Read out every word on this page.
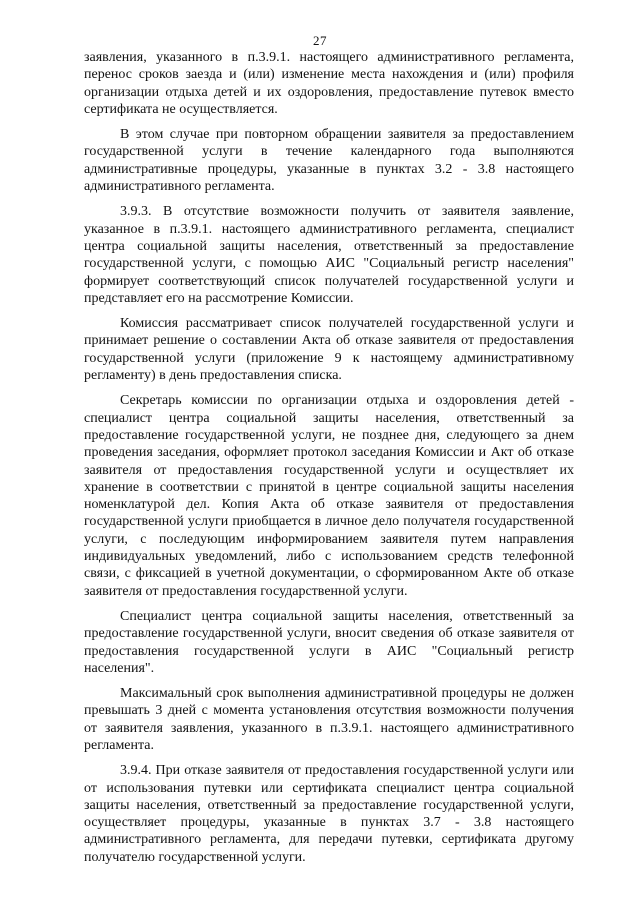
27

заявления, указанного в п.3.9.1. настоящего административного регламента, перенос сроков заезда и (или) изменение места нахождения и (или) профиля организации отдыха детей и их оздоровления, предоставление путевок вместо сертификата не осуществляется.

В этом случае при повторном обращении заявителя за предоставлением государственной услуги в течение календарного года выполняются административные процедуры, указанные в пунктах 3.2 - 3.8 настоящего административного регламента.

3.9.3. В отсутствие возможности получить от заявителя заявление, указанное в п.3.9.1. настоящего административного регламента, специалист центра социальной защиты населения, ответственный за предоставление государственной услуги, с помощью АИС "Социальный регистр населения" формирует соответствующий список получателей государственной услуги и представляет его на рассмотрение Комиссии.

Комиссия рассматривает список получателей государственной услуги и принимает решение о составлении Акта об отказе заявителя от предоставления государственной услуги (приложение 9 к настоящему административному регламенту) в день предоставления списка.

Секретарь комиссии по организации отдыха и оздоровления детей - специалист центра социальной защиты населения, ответственный за предоставление государственной услуги, не позднее дня, следующего за днем проведения заседания, оформляет протокол заседания Комиссии и Акт об отказе заявителя от предоставления государственной услуги и осуществляет их хранение в соответствии с принятой в центре социальной защиты населения номенклатурой дел. Копия Акта об отказе заявителя от предоставления государственной услуги приобщается в личное дело получателя государственной услуги, с последующим информированием заявителя путем направления индивидуальных уведомлений, либо с использованием средств телефонной связи, с фиксацией в учетной документации, о сформированном Акте об отказе заявителя от предоставления государственной услуги.

Специалист центра социальной защиты населения, ответственный за предоставление государственной услуги, вносит сведения об отказе заявителя от предоставления государственной услуги в АИС "Социальный регистр населения".

Максимальный срок выполнения административной процедуры не должен превышать 3 дней с момента установления отсутствия возможности получения от заявителя заявления, указанного в п.3.9.1. настоящего административного регламента.

3.9.4. При отказе заявителя от предоставления государственной услуги или от использования путевки или сертификата специалист центра социальной защиты населения, ответственный за предоставление государственной услуги, осуществляет процедуры, указанные в пунктах 3.7 - 3.8 настоящего административного регламента, для передачи путевки, сертификата другому получателю государственной услуги.
